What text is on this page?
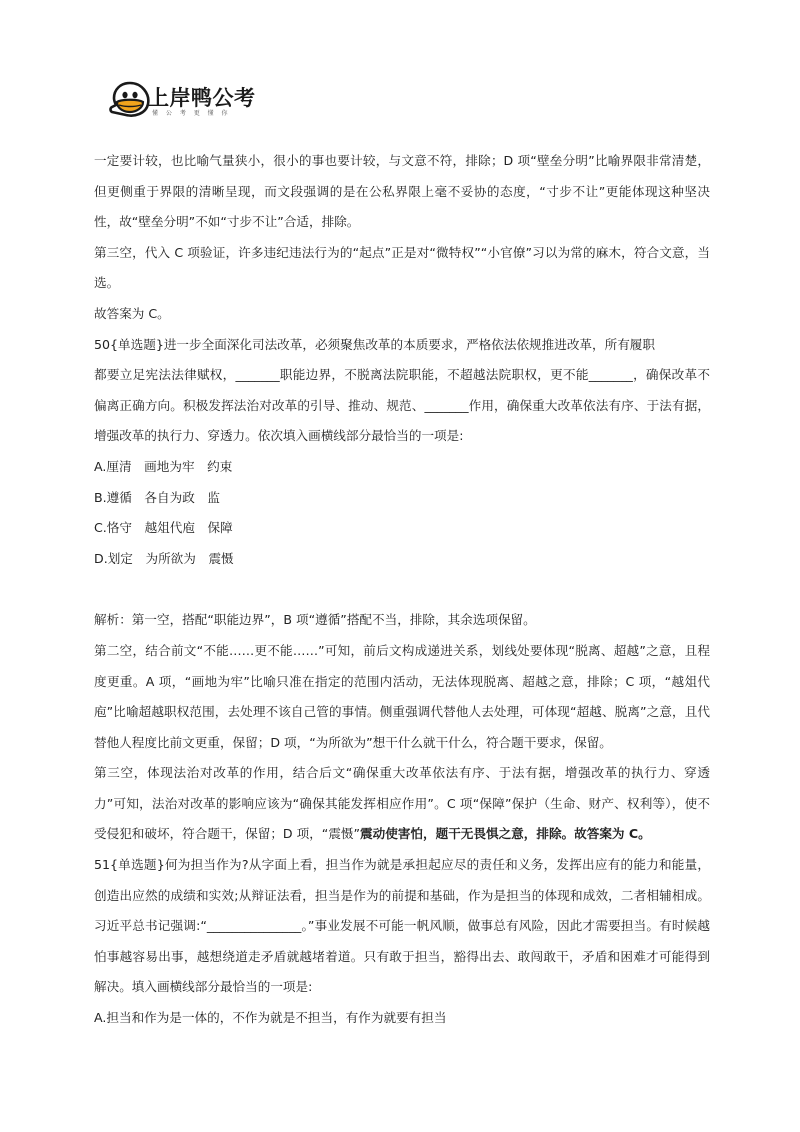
上岸鸭公考
懂 公 考 更 懂 你

一定要计较，也比喻气量狭小，很小的事也要计较，与文意不符，排除；D 项“壁垒分明”比喻界限非常清楚，但更侧重于界限的清晰呈现，而文段强调的是在公私界限上毫不妥协的态度，“寸步不让”更能体现这种坚决性，故“壁垒分明”不如“寸步不让”合适，排除。

第三空，代入 C 项验证，许多违纪违法行为的“起点”正是对“微特权”“小官僚”习以为常的麻木，符合文意，当选。

故答案为 C。

50{单选题}进一步全面深化司法改革，必须聚焦改革的本质要求，严格依法依规推进改革，所有履职

都要立足宪法法律赋权，_______职能边界，不脱离法院职能，不超越法院职权，更不能_______，确保改革不偏离正确方向。积极发挥法治对改革的引导、推动、规范、_______作用，确保重大改革依法有序、于法有据，增强改革的执行力、穿透力。依次填入画横线部分最恰当的一项是:

A.厘清　画地为牢　约束

B.遵循　各自为政　监

C.恪守　越俎代庖　保障

D.划定　为所欲为　震慑

解析：第一空，搭配“职能边界”，B 项“遵循”搭配不当，排除，其余选项保留。

第二空，结合前文“不能……更不能……”可知，前后文构成递进关系，划线处要体现“脱离、超越”之意，且程度更重。A 项，“画地为牢”比喻只准在指定的范围内活动，无法体现脱离、超越之意，排除；C 项，“越俎代庖”比喻超越职权范围，去处理不该自己管的事情。侧重强调代替他人去处理，可体现“超越、脱离”之意，且代替他人程度比前文更重，保留；D 项，“为所欲为”想干什么就干什么，符合题干要求，保留。

第三空，体现法治对改革的作用，结合后文“确保重大改革依法有序、于法有据，增强改革的执行力、穿透力”可知，法治对改革的影响应该为“确保其能发挥相应作用”。C 项“保障”保护（生命、财产、权利等），使不受侵犯和破坏，符合题干，保留；D 项，“震慑”震动使害怕，题干无畏惧之意，排除。故答案为 C。

51{单选题}何为担当作为?从字面上看，担当作为就是承担起应尽的责任和义务，发挥出应有的能力和能量，创造出应然的成绩和实效;从辩证法看，担当是作为的前提和基础，作为是担当的体现和成效，二者相辅相成。习近平总书记强调:“_______________。”事业发展不可能一帆风顺，做事总有风险，因此才需要担当。有时候越怕事越容易出事，越想绕道走矛盾就越堵着道。只有敢于担当，豁得出去、敢闯敢干，矛盾和困难才可能得到解决。填入画横线部分最恰当的一项是:

A.担当和作为是一体的，不作为就是不担当，有作为就要有担当
